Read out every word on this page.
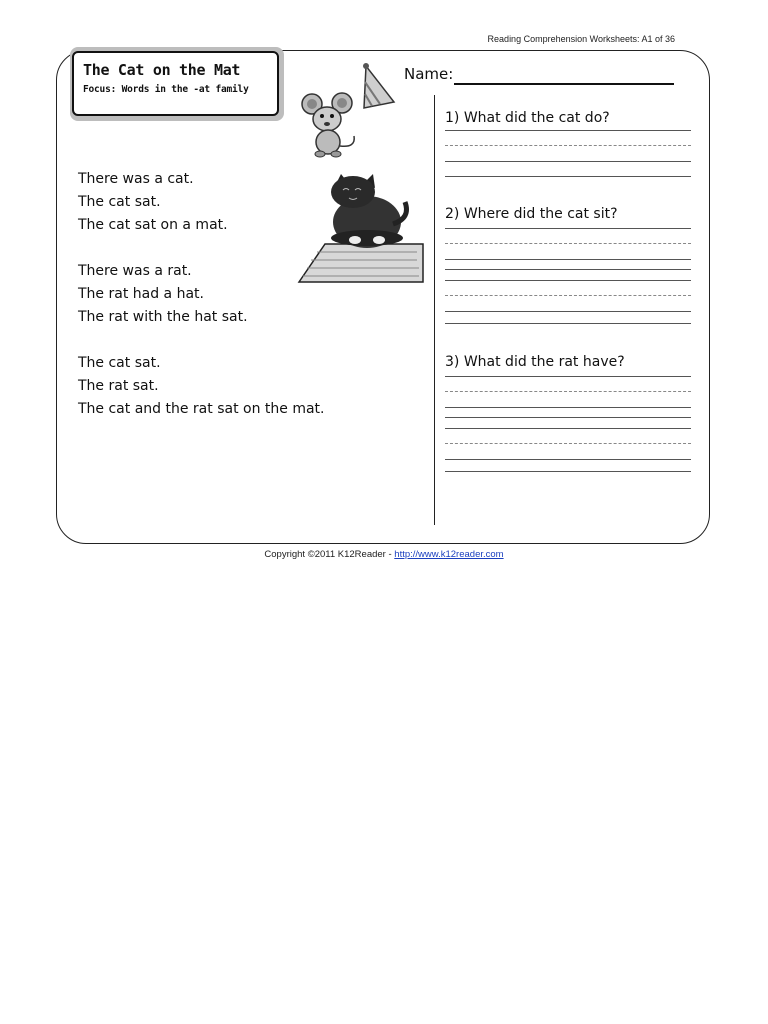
Reading Comprehension Worksheets: A1 of 36
The Cat on the Mat
Focus: Words in the -at family

There was a cat.

The cat sat.

The cat sat on a mat.

There was a rat.

The rat had a hat.

The rat with the hat sat.

The cat sat.

The rat sat.

The cat and the rat sat on the mat.

Name:
1) What did the cat do?
2) Where did the cat sit?
3) What did the rat have?
Copyright ©2011 K12Reader - http://www.k12reader.com
